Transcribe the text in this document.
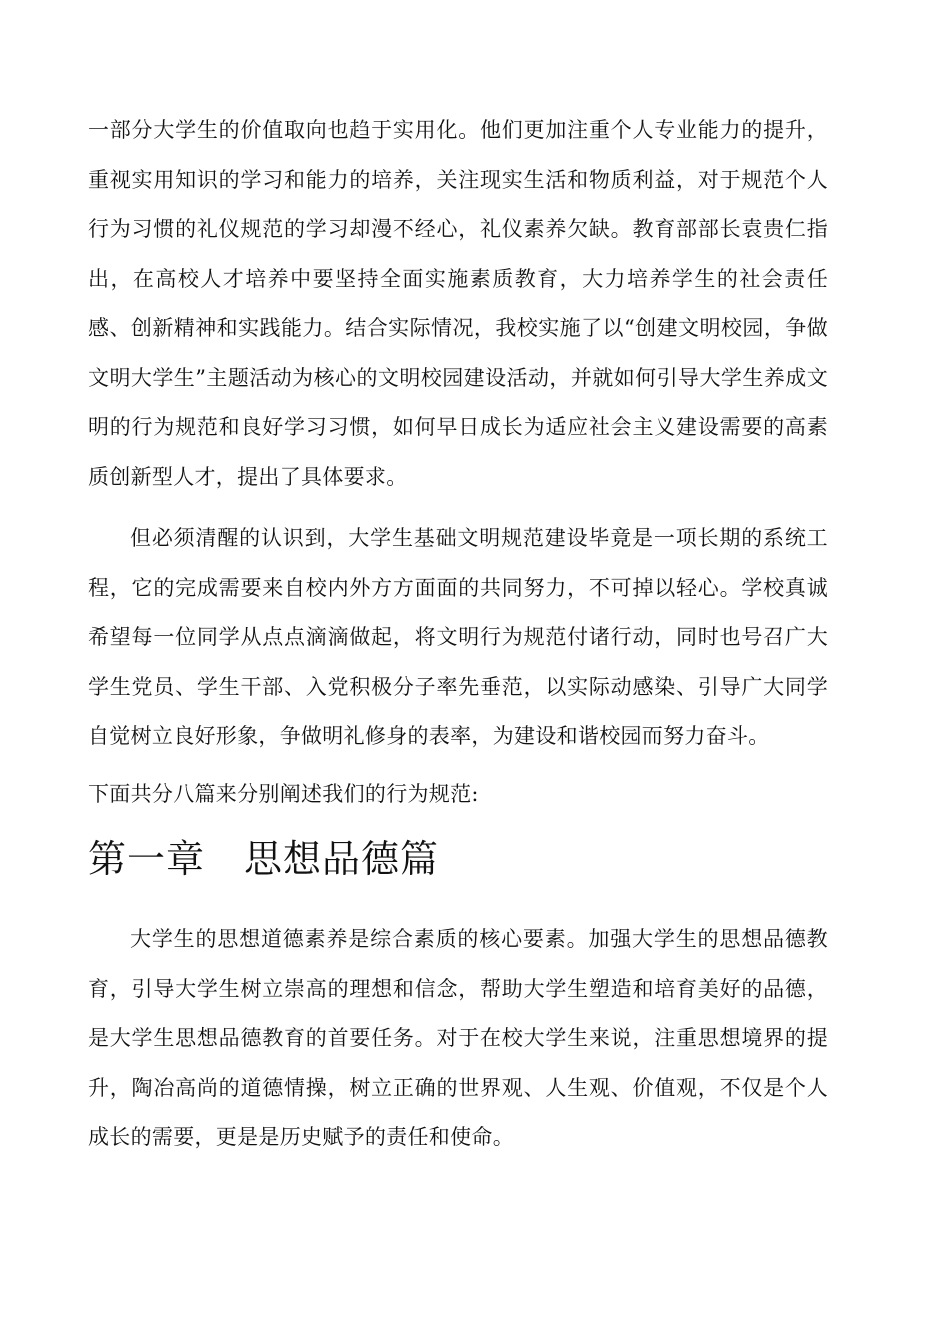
一部分大学生的价值取向也趋于实用化。他们更加注重个人专业能力的提升，重视实用知识的学习和能力的培养，关注现实生活和物质利益，对于规范个人行为习惯的礼仪规范的学习却漫不经心，礼仪素养欠缺。教育部部长袁贵仁指出，在高校人才培养中要坚持全面实施素质教育，大力培养学生的社会责任感、创新精神和实践能力。结合实际情况，我校实施了以“创建文明校园，争做文明大学生”主题活动为核心的文明校园建设活动，并就如何引导大学生养成文明的行为规范和良好学习习惯，如何早日成长为适应社会主义建设需要的高素质创新型人才，提出了具体要求。

但必须清醒的认识到，大学生基础文明规范建设毕竟是一项长期的系统工程，它的完成需要来自校内外方方面面的共同努力，不可掉以轻心。学校真诚希望每一位同学从点点滴滴做起，将文明行为规范付诸行动，同时也号召广大学生党员、学生干部、入党积极分子率先垂范，以实际动感染、引导广大同学自觉树立良好形象，争做明礼修身的表率，为建设和谐校园而努力奋斗。

下面共分八篇来分别阐述我们的行为规范:

第一章　思想品德篇

大学生的思想道德素养是综合素质的核心要素。加强大学生的思想品德教育，引导大学生树立崇高的理想和信念，帮助大学生塑造和培育美好的品德，是大学生思想品德教育的首要任务。对于在校大学生来说，注重思想境界的提升，陶冶高尚的道德情操，树立正确的世界观、人生观、价值观，不仅是个人成长的需要，更是是历史赋予的责任和使命。
